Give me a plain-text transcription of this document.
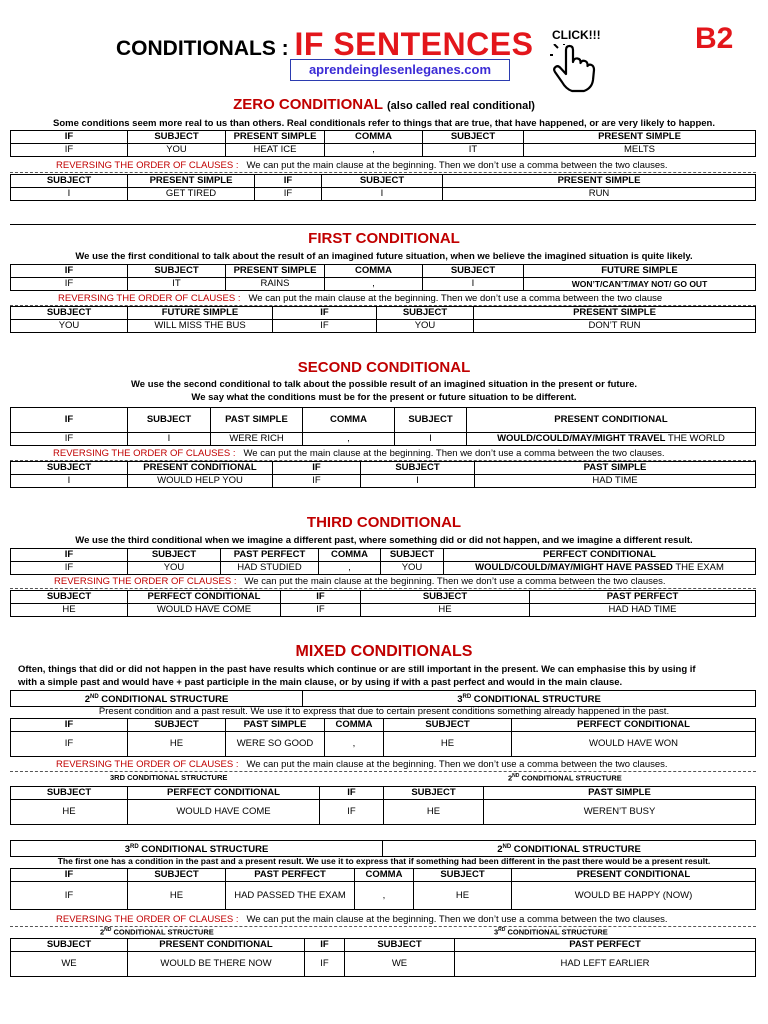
CONDITIONALS : IF SENTENCES
aprendeinglesenleganes.com
CLICK!!!	B2
ZERO CONDITIONAL (also called real conditional)
Some conditions seem more real to us than others. Real conditionals refer to things that are true, that have happened, or are very likely to happen.
IF	SUBJECT	PRESENT SIMPLE	COMMA	SUBJECT	PRESENT SIMPLE
IF	YOU	HEAT ICE	,	IT	MELTS
REVERSING THE ORDER OF CLAUSES : We can put the main clause at the beginning. Then we don’t use a comma between the two clauses.
SUBJECT	PRESENT SIMPLE	IF	SUBJECT	PRESENT SIMPLE
I	GET TIRED	IF	I	RUN
FIRST CONDITIONAL
We use the first conditional to talk about the result of an imagined future situation, when we believe the imagined situation is quite likely.
IF	SUBJECT	PRESENT SIMPLE	COMMA	SUBJECT	FUTURE SIMPLE
IF	IT	RAINS	,	I	WON’T/CAN’T/MAY NOT/ GO OUT
REVERSING THE ORDER OF CLAUSES : We can put the main clause at the beginning. Then we don’t use a comma between the two clause
SUBJECT	FUTURE SIMPLE	IF	SUBJECT	PRESENT SIMPLE
YOU	WILL MISS THE BUS	IF	YOU	DON’T RUN
SECOND CONDITIONAL
We use the second conditional to talk about the possible result of an imagined situation in the present or future.
We say what the conditions must be for the present or future situation to be different.
IF	SUBJECT	PAST SIMPLE	COMMA	SUBJECT	PRESENT CONDITIONAL
IF	I	WERE RICH	,	I	WOULD/COULD/MAY/MIGHT TRAVEL THE WORLD
REVERSING THE ORDER OF CLAUSES : We can put the main clause at the beginning. Then we don’t use a comma between the two clauses.
SUBJECT	PRESENT CONDITIONAL	IF	SUBJECT	PAST SIMPLE
I	WOULD HELP YOU	IF	I	HAD TIME
THIRD CONDITIONAL
We use the third conditional when we imagine a different past, where something did or did not happen, and we imagine a different result.
IF	SUBJECT	PAST PERFECT	COMMA	SUBJECT	PERFECT CONDITIONAL
IF	YOU	HAD STUDIED	,	YOU	WOULD/COULD/MAY/MIGHT HAVE PASSED THE EXAM
REVERSING THE ORDER OF CLAUSES : We can put the main clause at the beginning. Then we don’t use a comma between the two clauses.
SUBJECT	PERFECT CONDITIONAL	IF	SUBJECT	PAST PERFECT
HE	WOULD HAVE COME	IF	HE	HAD HAD TIME
MIXED CONDITIONALS
Often, things that did or did not happen in the past have results which continue or are still important in the present. We can emphasise this by using if
with a simple past and would have + past participle in the main clause, or by using if with a past perfect and would in the main clause.
2ND CONDITIONAL STRUCTURE	3RD CONDITIONAL STRUCTURE
Present condition and a past result. We use it to express that due to certain present conditions something already happened in the past.
IF	SUBJECT	PAST SIMPLE	COMMA	SUBJECT	PERFECT CONDITIONAL
IF	HE	WERE SO GOOD	,	HE	WOULD HAVE WON
REVERSING THE ORDER OF CLAUSES : We can put the main clause at the beginning. Then we don’t use a comma between the two clauses.
3RD CONDITIONAL STRUCTURE	2ND CONDITIONAL STRUCTURE
SUBJECT	PERFECT CONDITIONAL	IF	SUBJECT	PAST SIMPLE
HE	WOULD HAVE COME	IF	HE	WEREN’T BUSY
3RD CONDITIONAL STRUCTURE	2ND CONDITIONAL STRUCTURE
The first one has a condition in the past and a present result. We use it to express that if something had been different in the past there would be a present result.
IF	SUBJECT	PAST PERFECT	COMMA	SUBJECT	PRESENT CONDITIONAL
IF	HE	HAD PASSED THE EXAM	,	HE	WOULD BE HAPPY (NOW)
REVERSING THE ORDER OF CLAUSES : We can put the main clause at the beginning. Then we don’t use a comma between the two clauses.
2ND CONDITIONAL STRUCTURE	3RD CONDITIONAL STRUCTURE
SUBJECT	PRESENT CONDITIONAL	IF	SUBJECT	PAST PERFECT
WE	WOULD BE THERE NOW	IF	WE	HAD LEFT EARLIER
